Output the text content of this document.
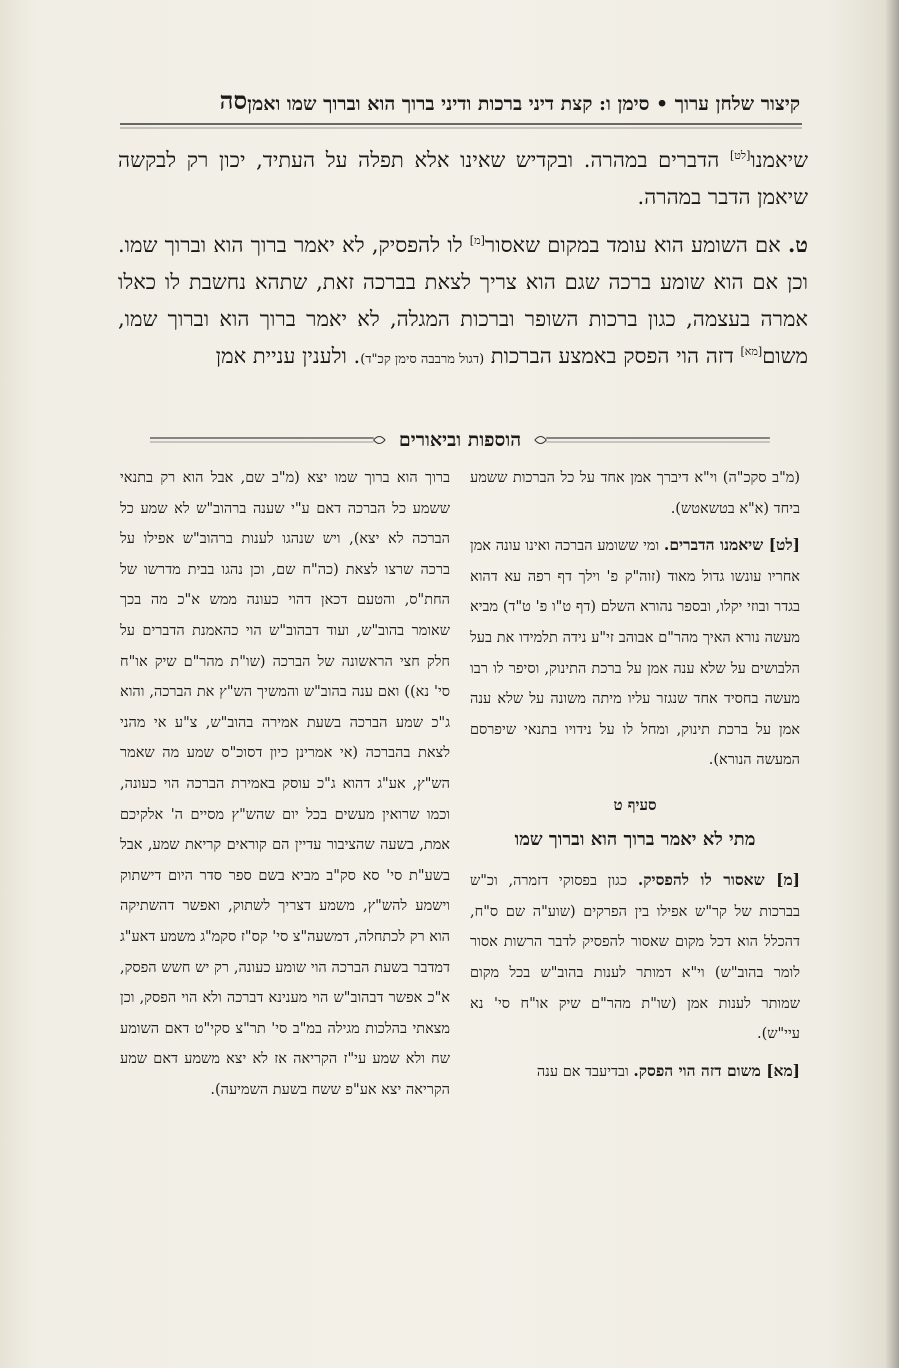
קיצור שלחן ערוך • סימן ו: קצת דיני ברכות ודיני ברוך הוא וברוך שמו ואמן
סה

שיאמנו[לט] הדברים במהרה. ובקדיש שאינו אלא תפלה על העתיד, יכון רק לבקשה שיאמן הדבר במהרה.

ט. אם השומע הוא עומד במקום שאסור[מ] לו להפסיק, לא יאמר ברוך הוא וברוך שמו. וכן אם הוא שומע ברכה שגם הוא צריך לצאת בברכה זאת, שתהא נחשבת לו כאלו אמרה בעצמה, כגון ברכות השופר וברכות המגלה, לא יאמר ברוך הוא וברוך שמו, משום[מא] דזה הוי הפסק באמצע הברכות (דגול מרבבה סימן קכ"ד). ולענין עניית אמן

הוספות וביאורים

(מ"ב סקכ"ה) וי"א דיברך אמן אחד על כל הברכות ששמע ביחד (א"א בטשאטש).

[לט] שיאמנו הדברים. ומי ששומע הברכה ואינו עונה אמן אחריו עונשו גדול מאוד (זוה"ק פ' וילך דף רפה עא דהוא בגדר ובוזי יקלו, ובספר נהורא השלם (דף ט"ו פ' ט"ד) מביא מעשה נורא האיך מהר"ם אבוהב זי"ע נידה תלמידו את בעל הלבושים על שלא ענה אמן על ברכת התינוק, וסיפר לו רבו מעשה בחסיד אחד שנגזר עליו מיתה משונה על שלא ענה אמן על ברכת תינוק, ומחל לו על נידויו בתנאי שיפרסם המעשה הנורא).

סעיף ט
מתי לא יאמר ברוך הוא וברוך שמו

[מ] שאסור לו להפסיק. כגון בפסוקי דזמרה, וכ"ש בברכות של קר"ש אפילו בין הפרקים (שוע"ה שם ס"ח, דהכלל הוא דכל מקום שאסור להפסיק לדבר הרשות אסור לומר בהוב"ש) וי"א דמותר לענות בהוב"ש בכל מקום שמותר לענות אמן (שו"ת מהר"ם שיק או"ח סי' נא עיי"ש).

[מא] משום דזה הוי הפסק. ובדיעבד אם ענה

ברוך הוא ברוך שמו יצא (מ"ב שם, אבל הוא רק בתנאי ששמע כל הברכה דאם ע"י שענה ברהוב"ש לא שמע כל הברכה לא יצא), ויש שנהגו לענות ברהוב"ש אפילו על ברכה שרצו לצאת (כה"ח שם, וכן נהגו בבית מדרשו של החת"ס, והטעם דכאן דהוי כעונה ממש א"כ מה בכך שאומר בהוב"ש, ועוד דבהוב"ש הוי כהאמנת הדברים על חלק חצי הראשונה של הברכה (שו"ת מהר"ם שיק או"ח סי' נא)) ואם ענה בהוב"ש והמשיך הש"ץ את הברכה, והוא ג"כ שמע הברכה בשעת אמירה בהוב"ש, צ"ע אי מהני לצאת בהברכה (אי אמרינן כיון דסוכ"ס שמע מה שאמר הש"ץ, אע"ג דהוא ג"כ עוסק באמירת הברכה הוי כעונה, וכמו שרואין מעשים בכל יום שהש"ץ מסיים ה' אלקיכם אמת, בשעה שהציבור עדיין הם קוראים קריאת שמע, אבל בשע"ת סי' סא סק"ב מביא בשם ספר סדר היום דישתוק וישמע להש"ץ, משמע דצריך לשתוק, ואפשר דהשתיקה הוא רק לכתחלה, דמשעה"צ סי' קס"ז סקמ"ג משמע דאע"ג דמדבר בשעת הברכה הוי שומע כעונה, רק יש חשש הפסק, א"כ אפשר דבהוב"ש הוי מענינא דברכה ולא הוי הפסק, וכן מצאתי בהלכות מגילה במ"ב סי' תר"צ סקי"ט דאם השומע שח ולא שמע עי"ז הקריאה אז לא יצא משמע דאם שמע הקריאה יצא אע"פ ששח בשעת השמיעה).
